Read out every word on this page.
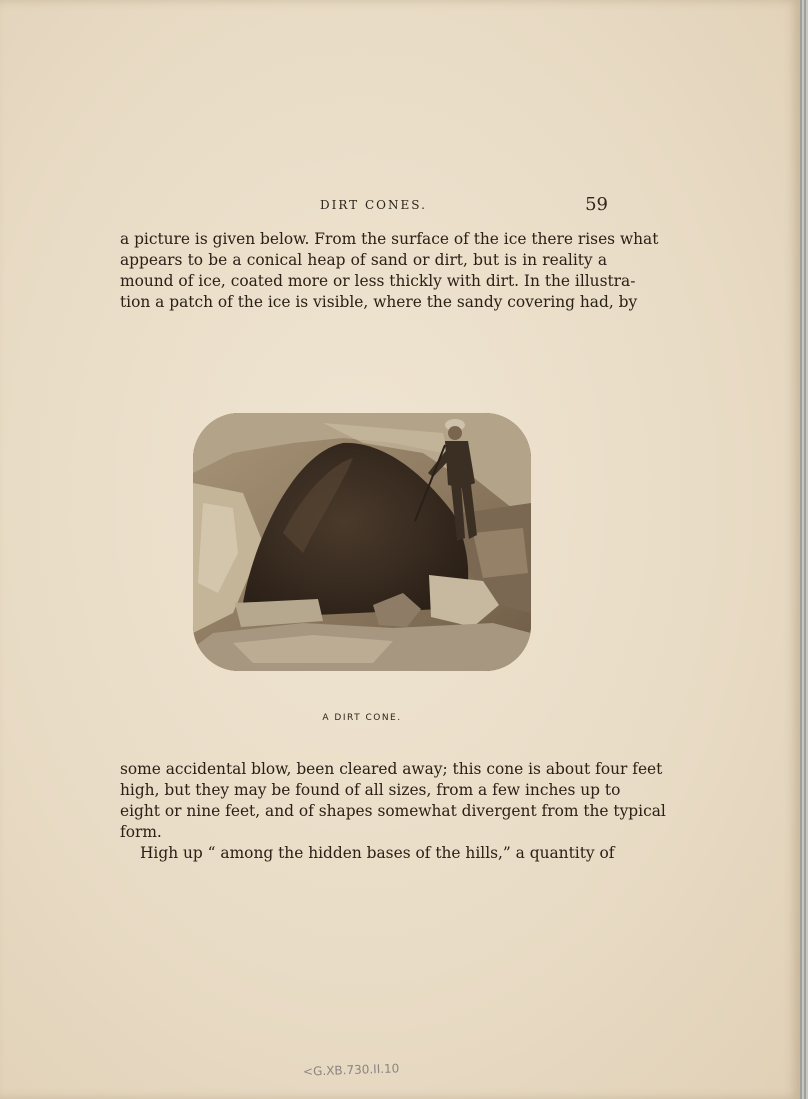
DIRT CONES.	59
a picture is given below. From the surface of the ice there rises what
appears to be a conical heap of sand or dirt, but is in reality a
mound of ice, coated more or less thickly with dirt. In the illustra-
tion a patch of the ice is visible, where the sandy covering had, by
A DIRT CONE.
some accidental blow, been cleared away; this cone is about four feet
high, but they may be found of all sizes, from a few inches up to
eight or nine feet, and of shapes somewhat divergent from the typical
form.
High up “ among the hidden bases of the hills,” a quantity of
<G.XB.730.II.10
